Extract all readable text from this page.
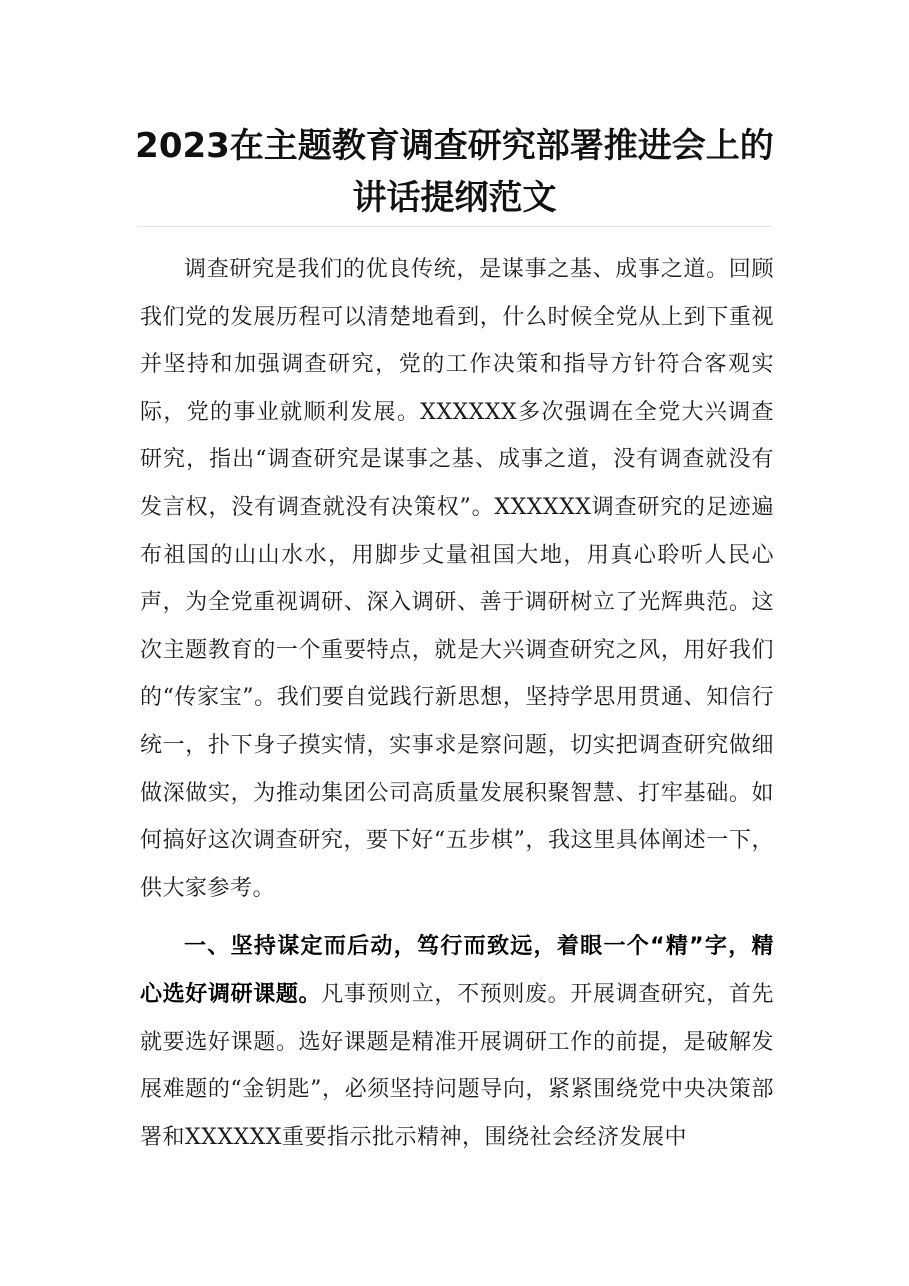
2023在主题教育调查研究部署推进会上的讲话提纲范文

调查研究是我们的优良传统，是谋事之基、成事之道。回顾我们党的发展历程可以清楚地看到，什么时候全党从上到下重视并坚持和加强调查研究，党的工作决策和指导方针符合客观实际，党的事业就顺利发展。XXXXXX多次强调在全党大兴调查研究，指出“调查研究是谋事之基、成事之道，没有调查就没有发言权，没有调查就没有决策权”。XXXXXX调查研究的足迹遍布祖国的山山水水，用脚步丈量祖国大地，用真心聆听人民心声，为全党重视调研、深入调研、善于调研树立了光辉典范。这次主题教育的一个重要特点，就是大兴调查研究之风，用好我们的“传家宝”。我们要自觉践行新思想，坚持学思用贯通、知信行统一，扑下身子摸实情，实事求是察问题，切实把调查研究做细做深做实，为推动集团公司高质量发展积聚智慧、打牢基础。如何搞好这次调查研究，要下好“五步棋”，我这里具体阐述一下，供大家参考。

一、坚持谋定而后动，笃行而致远，着眼一个“精”字，精心选好调研课题。凡事预则立，不预则废。开展调查研究，首先就要选好课题。选好课题是精准开展调研工作的前提，是破解发展难题的“金钥匙”，必须坚持问题导向，紧紧围绕党中央决策部署和XXXXXX重要指示批示精神，围绕社会经济发展中
